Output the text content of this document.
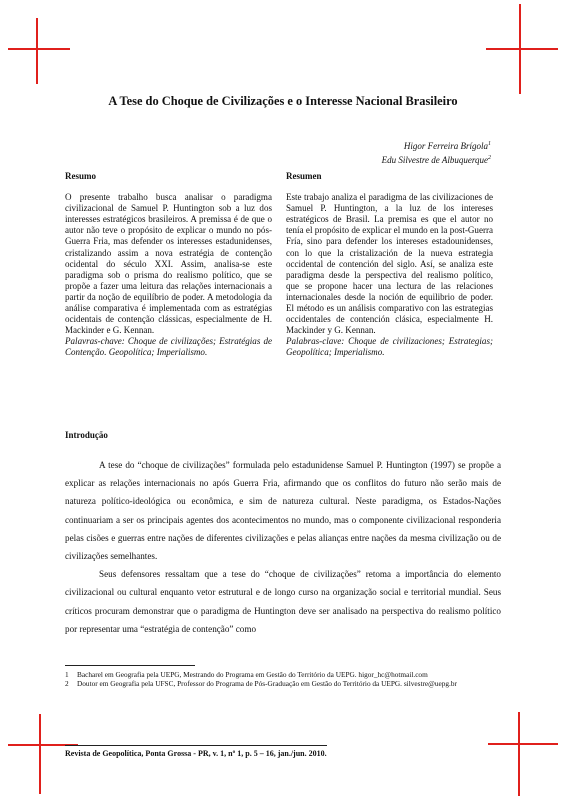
A Tese do Choque de Civilizações e o Interesse Nacional Brasileiro
Higor Ferreira Brígola$^1$
Edu Silvestre de Albuquerque$^2$
Resumo

O presente trabalho busca analisar o paradigma civilizacional de Samuel P. Huntington sob a luz dos interesses estratégicos brasileiros. A premissa é de que o autor não teve o propósito de explicar o mundo no pós-Guerra Fria, mas defender os interesses estadunidenses, cristalizando assim a nova estratégia de contenção ocidental do século XXI. Assim, analisa-se este paradigma sob o prisma do realismo político, que se propõe a fazer uma leitura das relações internacionais a partir da noção de equilíbrio de poder. A metodologia da análise comparativa é implementada com as estratégias ocidentais de contenção clássicas, especialmente de H. Mackinder e G. Kennan.

Palavras-chave: Choque de civilizações; Estratégias de Contenção. Geopolítica; Imperialismo.

Resumen

Este trabajo analiza el paradigma de las civilizaciones de Samuel P. Huntington, a la luz de los intereses estratégicos de Brasil. La premisa es que el autor no tenía el propósito de explicar el mundo en la post-Guerra Fría, sino para defender los intereses estadounidenses, con lo que la cristalización de la nueva estrategia occidental de contención del siglo. Así, se analiza este paradigma desde la perspectiva del realismo político, que se propone hacer una lectura de las relaciones internacionales desde la noción de equilibrio de poder. El método es un análisis comparativo con las estrategias occidentales de contención clásica, especialmente H. Mackinder y G. Kennan.

Palabras-clave: Choque de civilizaciones; Estrategias; Geopolítica; Imperialismo.

Introdução

A tese do “choque de civilizações” formulada pelo estadunidense Samuel P. Huntington (1997) se propõe a explicar as relações internacionais no após Guerra Fria, afirmando que os conflitos do futuro não serão mais de natureza político-ideológica ou econômica, e sim de natureza cultural. Neste paradigma, os Estados-Nações continuariam a ser os principais agentes dos acontecimentos no mundo, mas o componente civilizacional responderia pelas cisões e guerras entre nações de diferentes civilizações e pelas alianças entre nações da mesma civilização ou de civilizações semelhantes.

Seus defensores ressaltam que a tese do “choque de civilizações” retoma a importância do elemento civilizacional ou cultural enquanto vetor estrutural e de longo curso na organização social e territorial mundial. Seus críticos procuram demonstrar que o paradigma de Huntington deve ser analisado na perspectiva do realismo político por representar uma “estratégia de contenção” como

1 Bacharel em Geografia pela UEPG, Mestrando do Programa em Gestão do Território da UEPG. higor_hc@hotmail.com
2 Doutor em Geografia pela UFSC, Professor do Programa de Pós-Graduação em Gestão do Território da UEPG. silvestre@uepg.br
Revista de Geopolítica, Ponta Grossa - PR, v. 1, nº 1, p. 5 – 16, jan./jun. 2010.
